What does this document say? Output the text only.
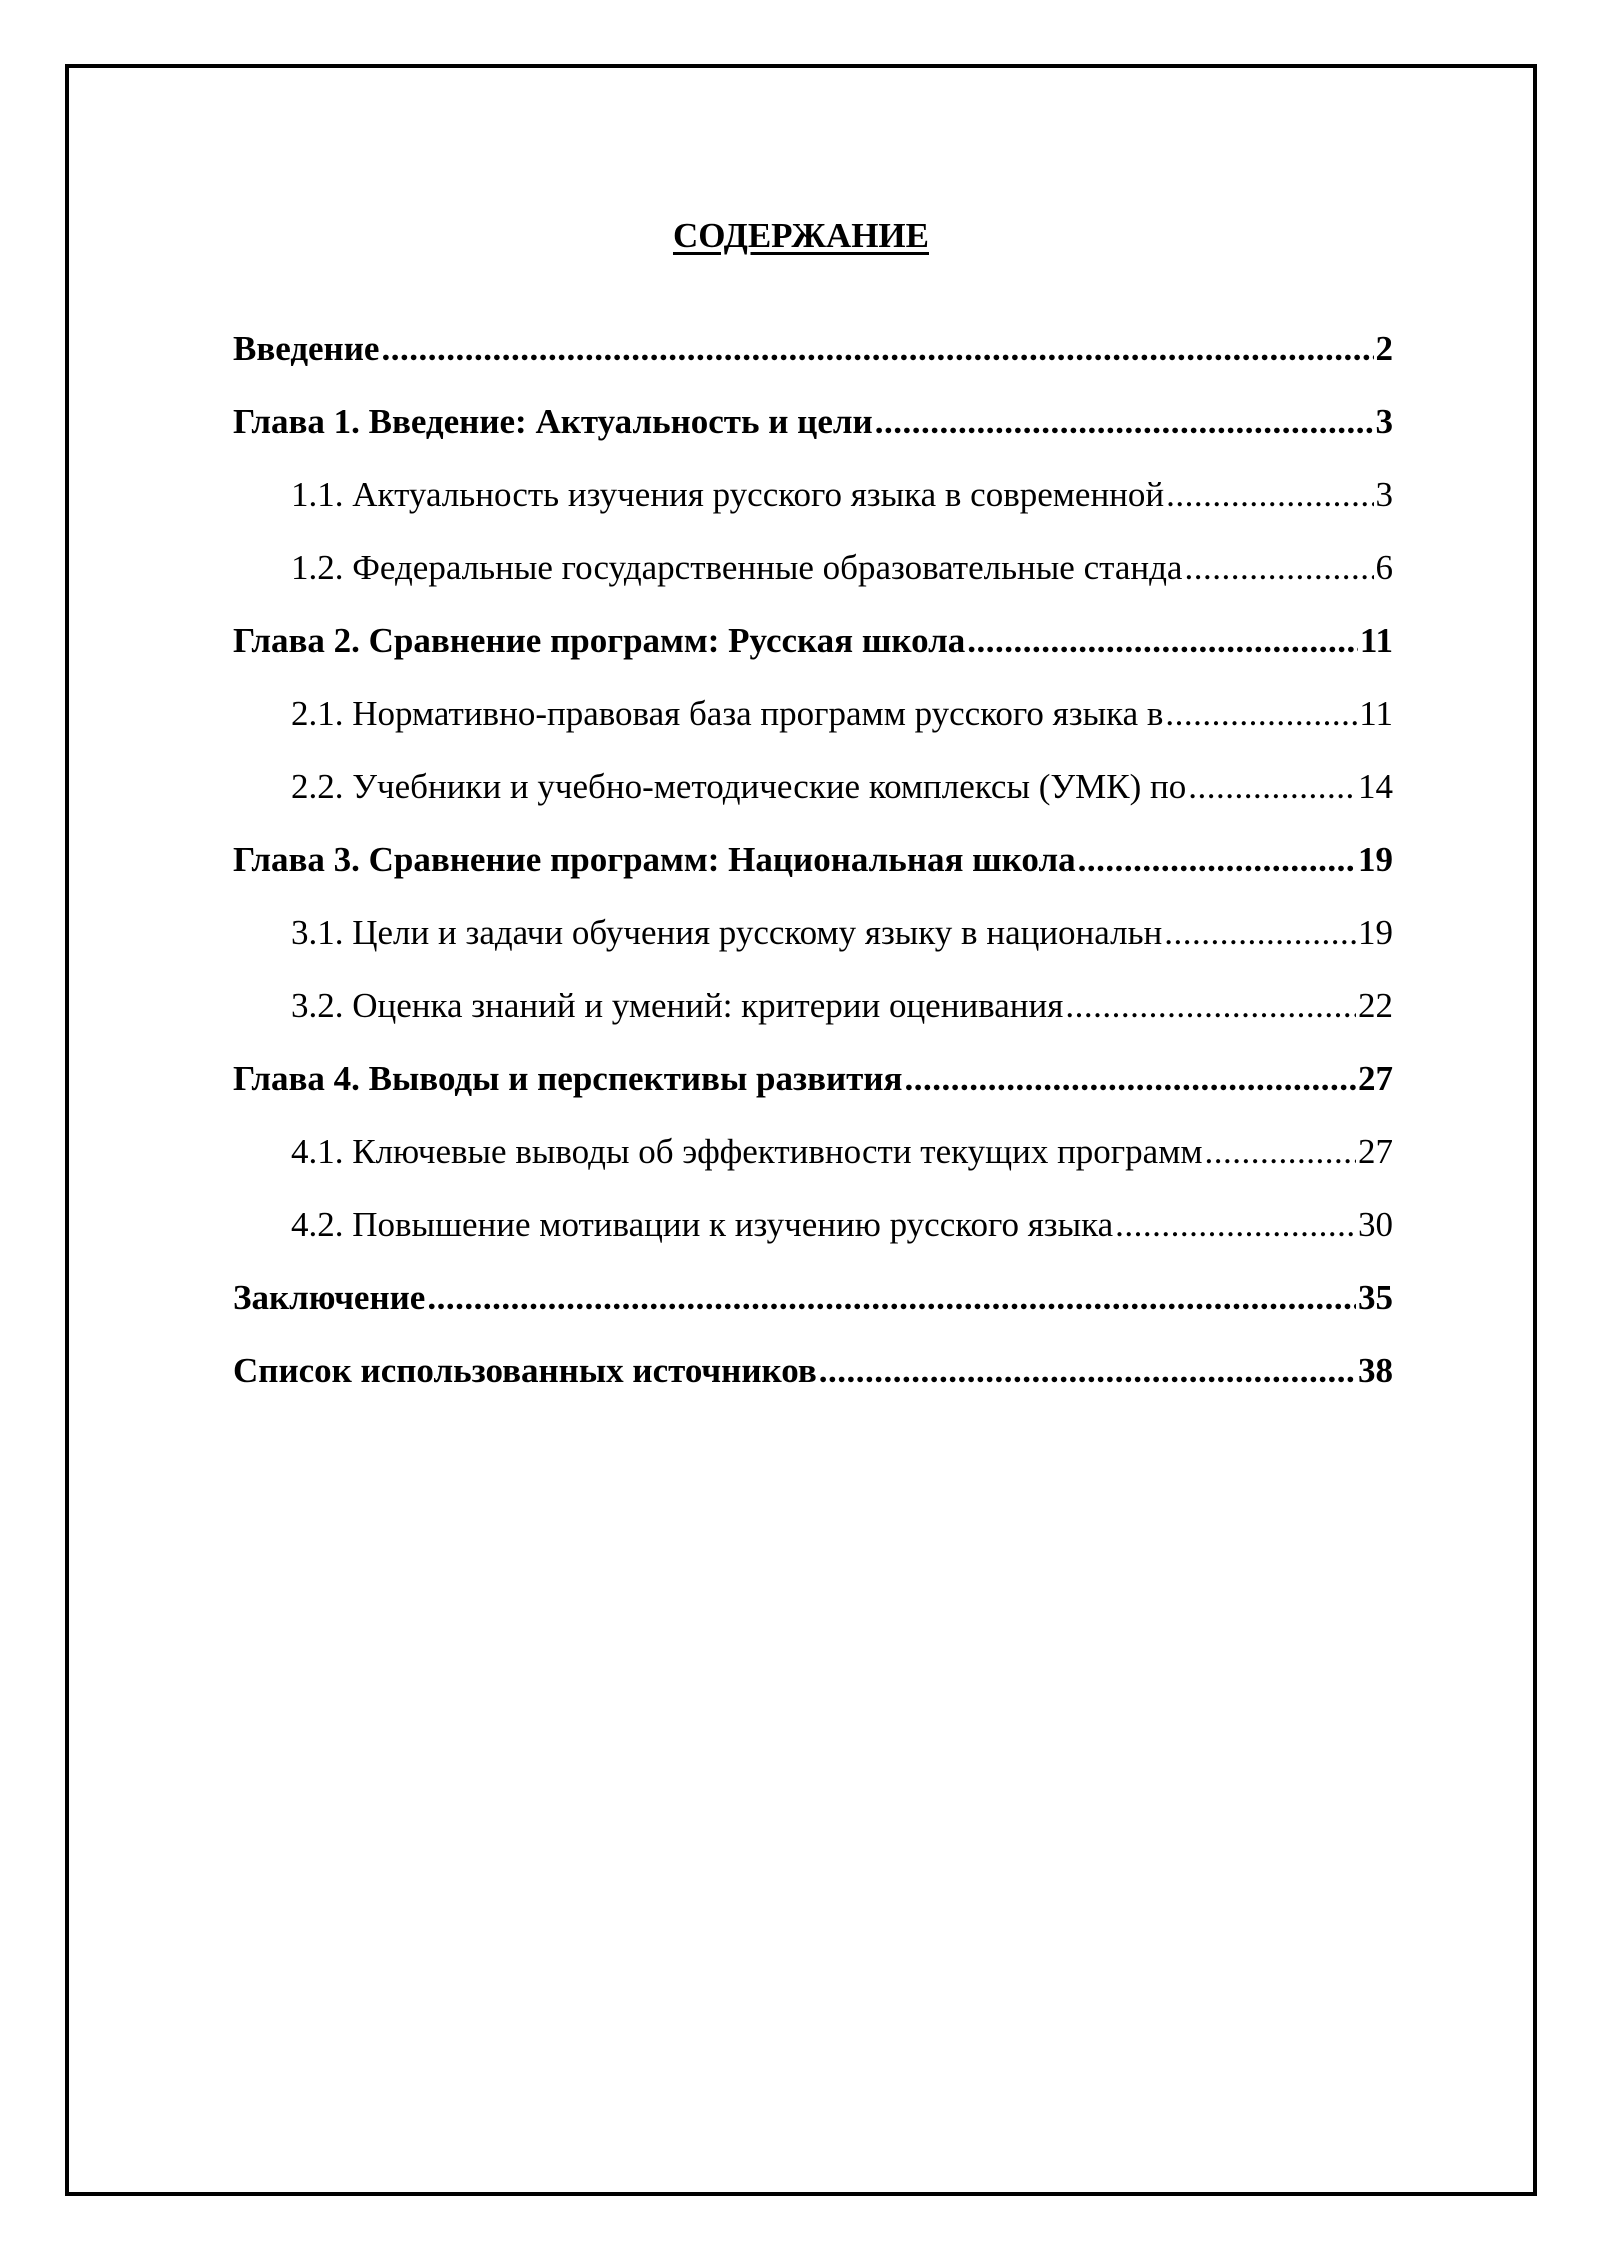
СОДЕРЖАНИЕ
Введение .....	2
Глава 1. Введение: Актуальность и цели .....	3
1.1. Актуальность изучения русского языка в современной .....	3
1.2. Федеральные государственные образовательные станда .....	6
Глава 2. Сравнение программ: Русская школа .....	11
2.1. Нормативно-правовая база программ русского языка в .....	11
2.2. Учебники и учебно-методические комплексы (УМК) по .....	14
Глава 3. Сравнение программ: Национальная школа .....	19
3.1. Цели и задачи обучения русскому языку в национальн .....	19
3.2. Оценка знаний и умений: критерии оценивания .....	22
Глава 4. Выводы и перспективы развития .....	27
4.1. Ключевые выводы об эффективности текущих программ .....	27
4.2. Повышение мотивации к изучению русского языка .....	30
Заключение .....	35
Список использованных источников .....	38
